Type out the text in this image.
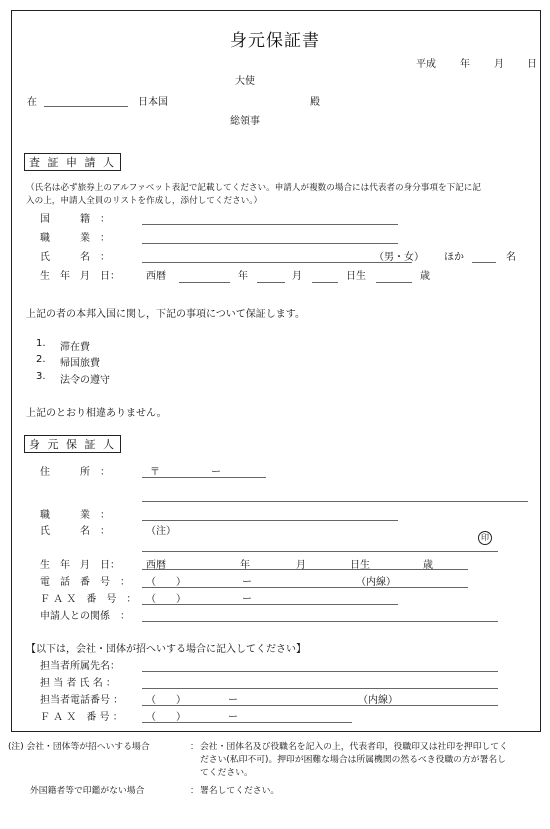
身元保証書
平成 年 月 日
大使
在	日本国	殿
総領事
査 証 申 請 人
（氏名は必ず旅券上のアルファベット表記で記載してください。申請人が複数の場合には代表者の身分事項を下記に記
入の上，申請人全員のリストを作成し，添付してください。）
国　　　籍　：
職　　　業　：
氏　　　名　：	（男・女） ほか	名
生　年　月　日：	西暦	年	月	日生	歳
上記の者の本邦入国に関し，下記の事項について保証します。
1. 滞在費
2. 帰国旅費
3. 法令の遵守
上記のとおり相違ありません。
身 元 保 証 人
住　　　所　：	〒	ー
職　　　業　：
氏　　　名　：	（注）
印
生　年　月　日：	西暦	年	月	日生	歳
電　話　番　号　： （　　）	ー	（内線）
Ｆ Ａ Ｘ　番　号　： （　　）	ー
申請人との関係　：
【以下は，会社・団体が招へいする場合に記入してください】
担当者所属先名：
担 当 者 氏 名 ：
担当者電話番号 ： （　　）	ー	（内線）
Ｆ Ａ Ｘ　番 号 ： （　　）	ー
(注) 会社・団体等が招へいする場合	： 会社・団体名及び役職名を記入の上，代表者印，役職印又は社印を押印してく
ださい(私印不可)。押印が困難な場合は所属機関の然るべき役職の方が署名し
てください。
外国籍者等で印鑑がない場合	： 署名してください。
